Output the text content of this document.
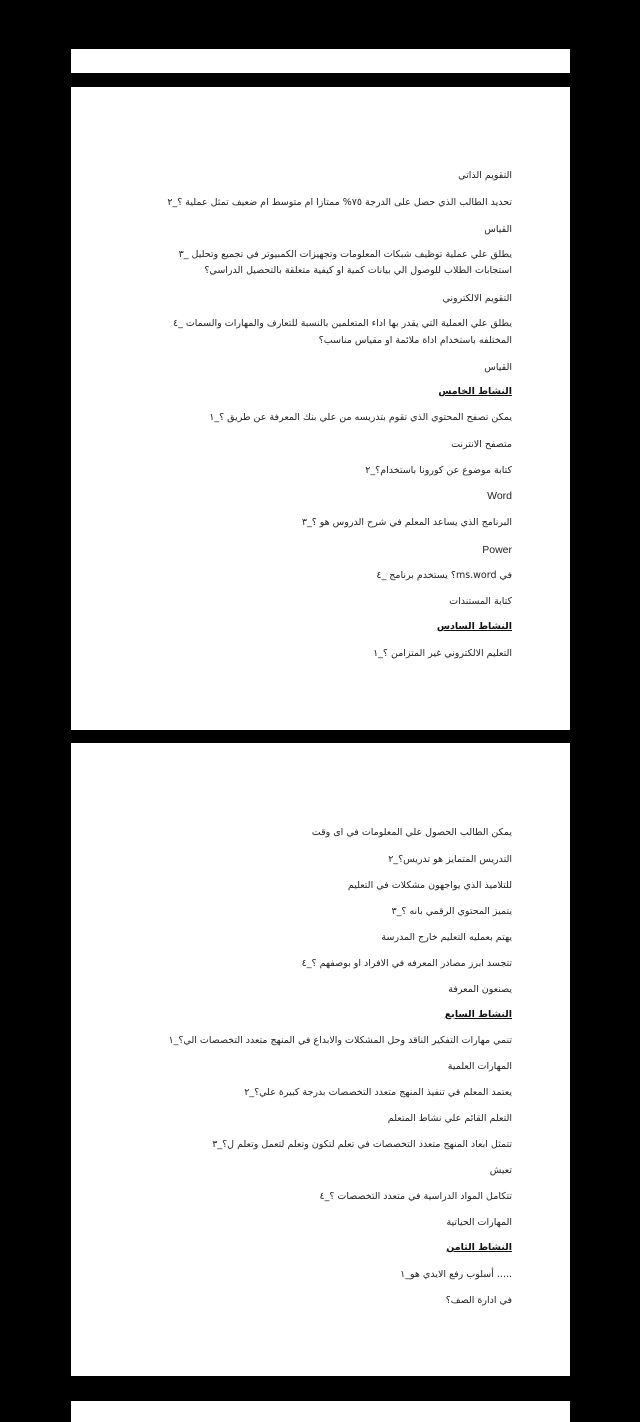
التقويم الذاتي
تحديد الطالب الذي حصل على الدرجة ٧٥% ممتازا ام متوسط ام ضعيف تمثل عملية ؟_٢
القياس
يطلق علي عملية توظيف شبكات المعلومات وتجهيزات الكمبيوتر في تجميع وتحليل _٣
استجابات الطلاب للوصول الي بيانات كمية او كيفية متعلقة بالتحصيل الدراسي؟
التقويم الالكتروني
يطلق علي العملية التي يقدر بها اداء المتعلمين بالنسبة للتعارف والمهارات والسمات _٤
المختلفه باستخدام اداة ملائمة او مقياس مناسب؟
القياس
النشاط الخامس
يمكن تصفح المحتوي الذي تقوم بتدريسه من علي بنك المعرفة عن طريق ؟_١
متصفح الانترنت
كتابة موضوع عن كورونا باستخدام؟_٢
Word
البرنامج الذي يساعد المعلم في شرح الدروس هو ؟_٣
Power
في ms.word؟ يستخدم برنامج _٤
كتابة المستندات
النشاط السادس
التعليم الالكتروني غير المتزامن ؟_١
يمكن الطالب الحصول علي المعلومات في اى وقت
التدريس المتمايز هو تدريس؟_٢
للتلاميذ الذي يواجهون مشكلات في التعليم
يتميز المحتوي الرقمي بانه ؟_٣
يهتم بعمليه التعليم خارج المدرسة
تتجسد ابرز مصادر المعرفه في الافراد او بوصفهم ؟_٤
يصنعون المعرفة
النشاط السابع
تنمي مهارات التفكير الناقد وحل المشكلات والابداع في المنهج متعدد التخصصات الي؟_١
المهارات العلمية
يعتمد المعلم في تنفيذ المنهج متعدد التخصصات بدرجة كبيرة علي؟_٢
التعلم القائم علي نشاط المتعلم
تتمثل ابعاد المنهج متعدد التخصصات في تعلم لتكون وتعلم لتعمل وتعلم ل؟_٣
تعيش
تتكامل المواد الدراسية في متعدد التخصصات ؟_٤
المهارات الحياتية
النشاط الثامن
..... أسلوب رفع الايدي هو_١
في ادارة الصف؟
